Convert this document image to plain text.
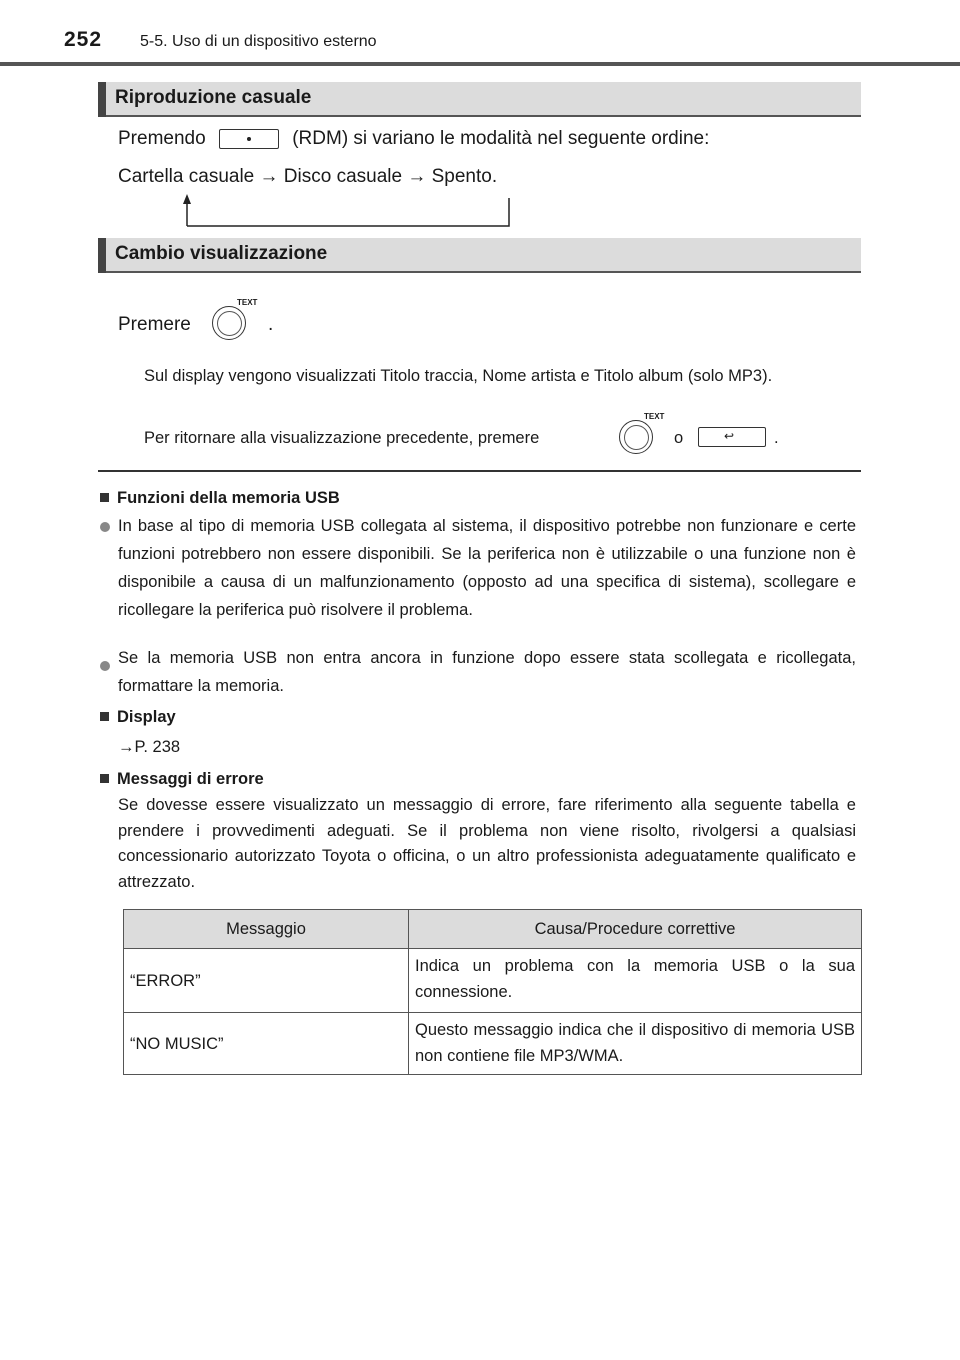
252 5-5. Uso di un dispositivo esterno
Riproduzione casuale
Premendo	(RDM) si variano le modalità nel seguente ordine:
Cartella casuale → Disco casuale → Spento.
Cambio visualizzazione
Premere
TEXT
.
Sul display vengono visualizzati Titolo traccia, Nome artista e Titolo album (solo MP3).
Per ritornare alla visualizzazione precedente, premere
TEXT
o	↩ .
Funzioni della memoria USB
In base al tipo di memoria USB collegata al sistema, il dispositivo potrebbe non funzionare e certe funzioni potrebbero non essere disponibili. Se la periferica non è utilizzabile o una funzione non è disponibile a causa di un malfunzionamento (opposto ad una specifica di sistema), scollegare e ricollegare la periferica può risolvere il problema.
Se la memoria USB non entra ancora in funzione dopo essere stata scollegata e ricollegata, formattare la memoria.
Display
→P. 238
Messaggi di errore
Se dovesse essere visualizzato un messaggio di errore, fare riferimento alla seguente tabella e prendere i provvedimenti adeguati. Se il problema non viene risolto, rivolgersi a qualsiasi concessionario autorizzato Toyota o officina, o un altro professionista adeguatamente qualificato e attrezzato.
Messaggio	Causa/Procedure correttive
“ERROR”	Indica un problema con la memoria USB o la sua connessione.
“NO MUSIC”	Questo messaggio indica che il dispositivo di memoria USB non contiene file MP3/WMA.
